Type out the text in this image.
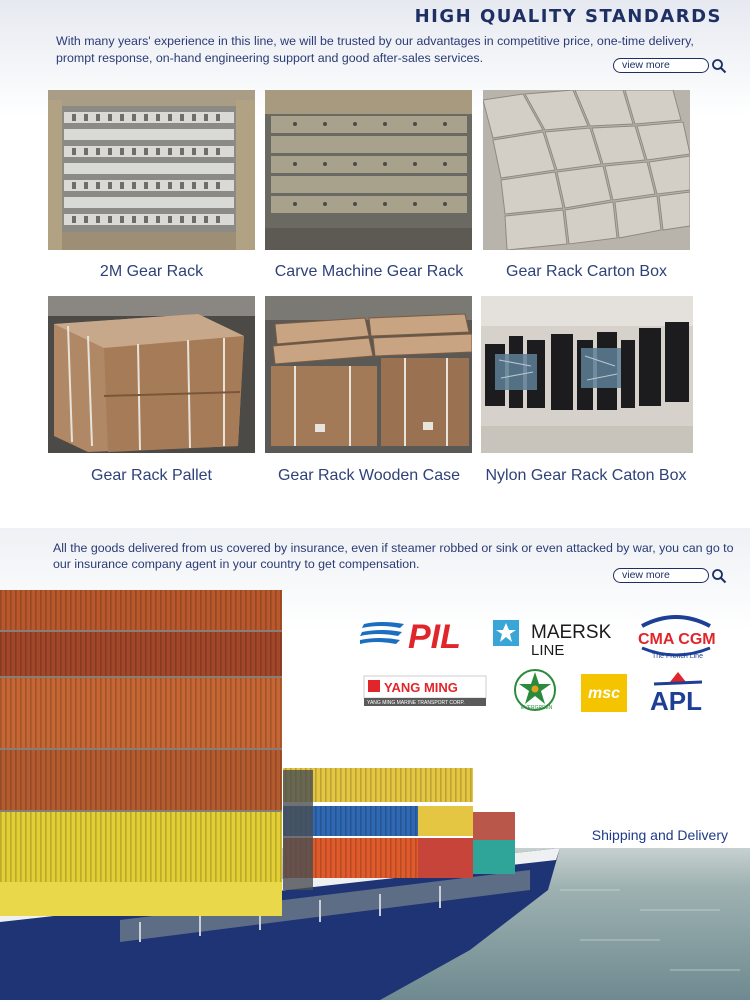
HIGH QUALITY STANDARDS
With many years' experience in this line, we will be trusted by our advantages in competitive price, one-time delivery, prompt response, on-hand engineering support and good after-sales services.	view more
2M Gear Rack	Carve Machine Gear Rack	Gear Rack Carton Box
Gear Rack Pallet	Gear Rack Wooden Case	Nylon Gear Rack Caton Box
All the goods delivered from us covered by insurance, even if steamer robbed or sink or even attacked by war, you can go to our insurance company agent in your country to get compensation.
view more
PIL	MAERSK
LINE
CMA CGM
The French Line
YANG MING
YANG MING MARINE TRANSPORT CORP.
EVERGREEN
msc APL
Shipping and Delivery
